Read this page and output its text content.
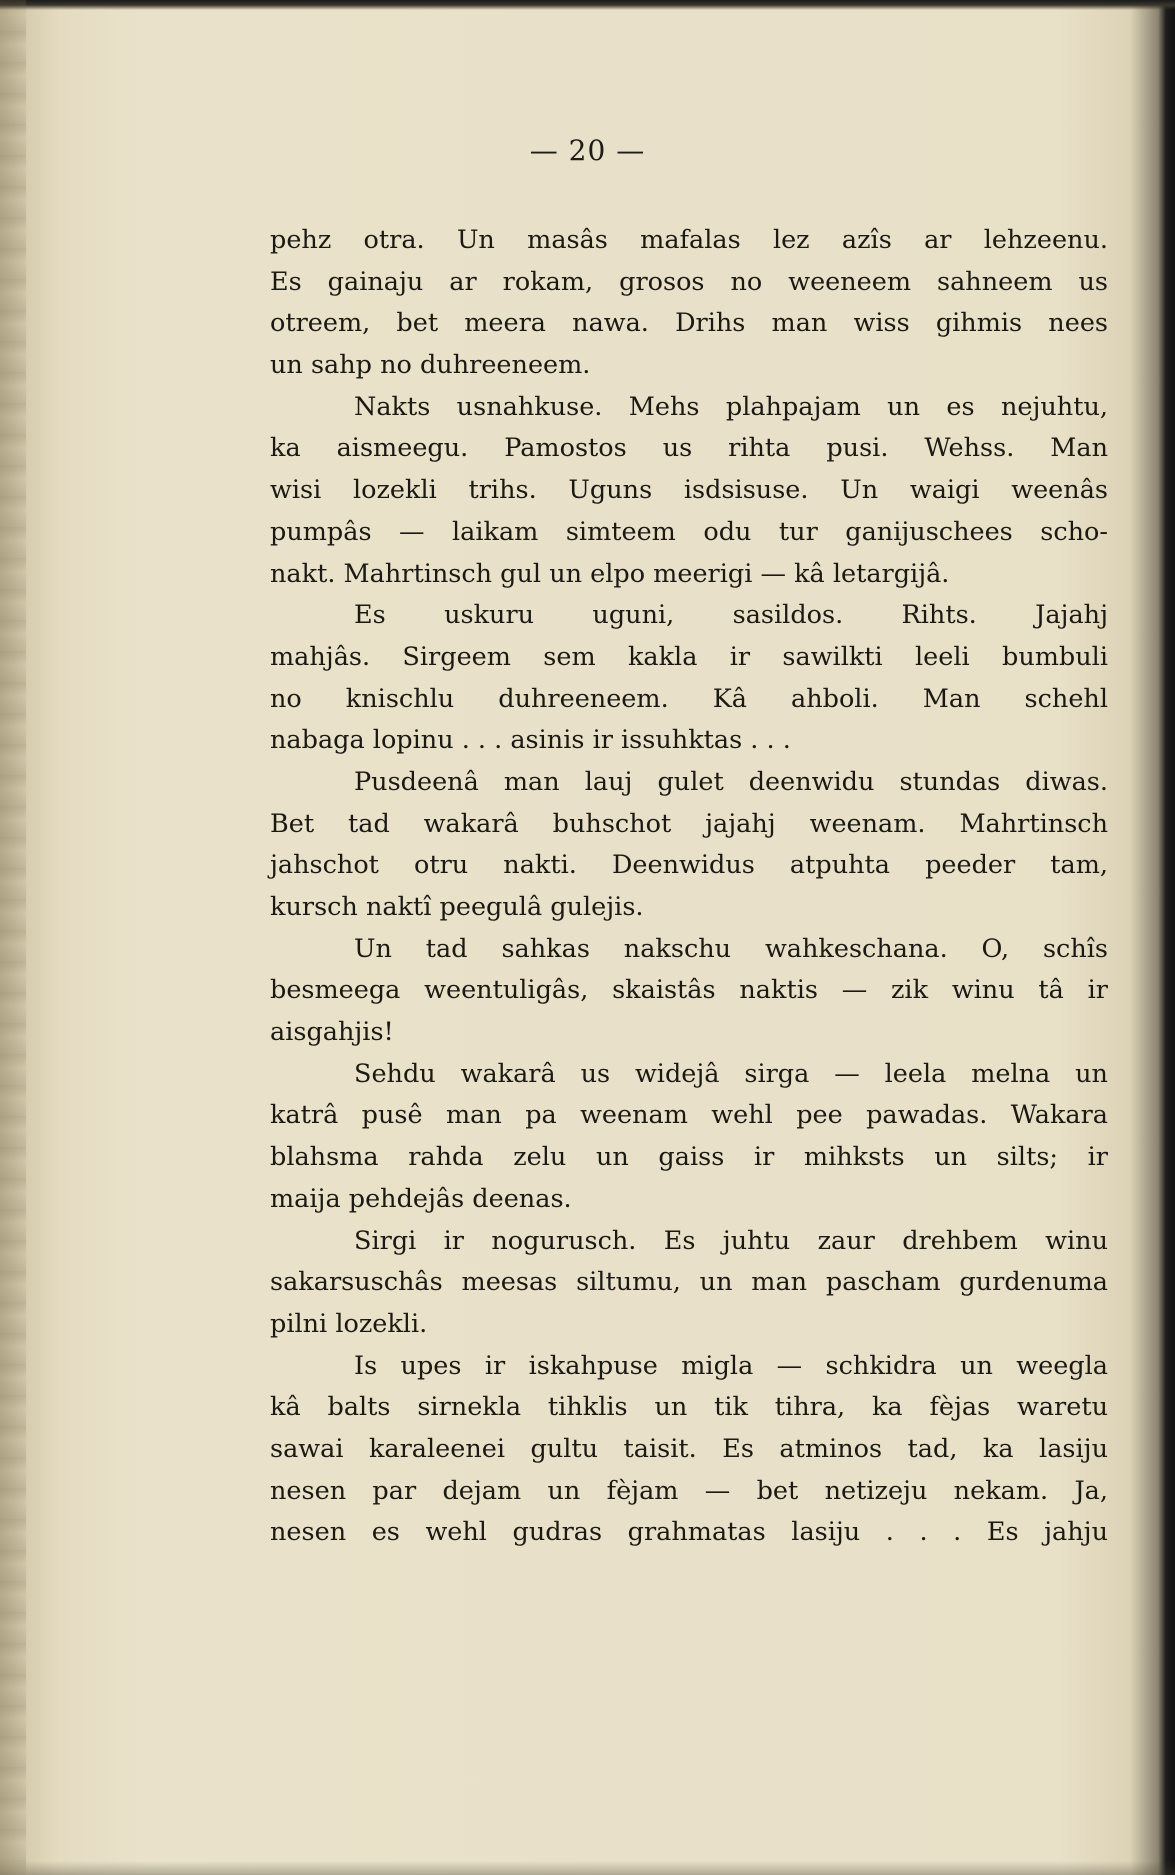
— 20 —
pehz otra. Un masâs mafalas lez azîs ar lehzeenu.
Es gainaju ar rokam, grosos no weeneem sahneem us
otreem, bet meera nawa. Drihs man wiss gihmis nees
un sahp no duhreeneem.
Nakts usnahkuse. Mehs plahpajam un es nejuhtu,
ka aismeegu. Pamostos us rihta pusi. Wehss. Man
wisi lozekli trihs. Uguns isdsisuse. Un waigi weenâs
pumpâs — laikam simteem odu tur ganijuschees scho-
nakt. Mahrtinsch gul un elpo meerigi — kâ letargijâ.
Es uskuru uguni, sasildos. Rihts. Jajahj
mahjâs. Sirgeem sem kakla ir sawilkti leeli bumbuli
no knischlu duhreeneem. Kâ ahboli. Man schehl
nabaga lopinu . . . asinis ir issuhktas . . .
Pusdeenâ man lauj gulet deenwidu stundas diwas.
Bet tad wakarâ buhschot jajahj weenam. Mahrtinsch
jahschot otru nakti. Deenwidus atpuhta peeder tam,
kursch naktî peegulâ gulejis.
Un tad sahkas nakschu wahkeschana. O, schîs
besmeega weentuligâs, skaistâs naktis — zik winu tâ ir
aisgahjis!
Sehdu wakarâ us widejâ sirga — leela melna un
katrâ pusê man pa weenam wehl pee pawadas. Wakara
blahsma rahda zelu un gaiss ir mihksts un silts; ir
maija pehdejâs deenas.
Sirgi ir nogurusch. Es juhtu zaur drehbem winu
sakarsuschâs meesas siltumu, un man pascham gurdenuma
pilni lozekli.
Is upes ir iskahpuse migla — schkidra un weegla
kâ balts sirnekla tihklis un tik tihra, ka fèjas waretu
sawai karaleenei gultu taisit. Es atminos tad, ka lasiju
nesen par dejam un fèjam — bet netizeju nekam. Ja,
nesen es wehl gudras grahmatas lasiju . . . Es jahju
